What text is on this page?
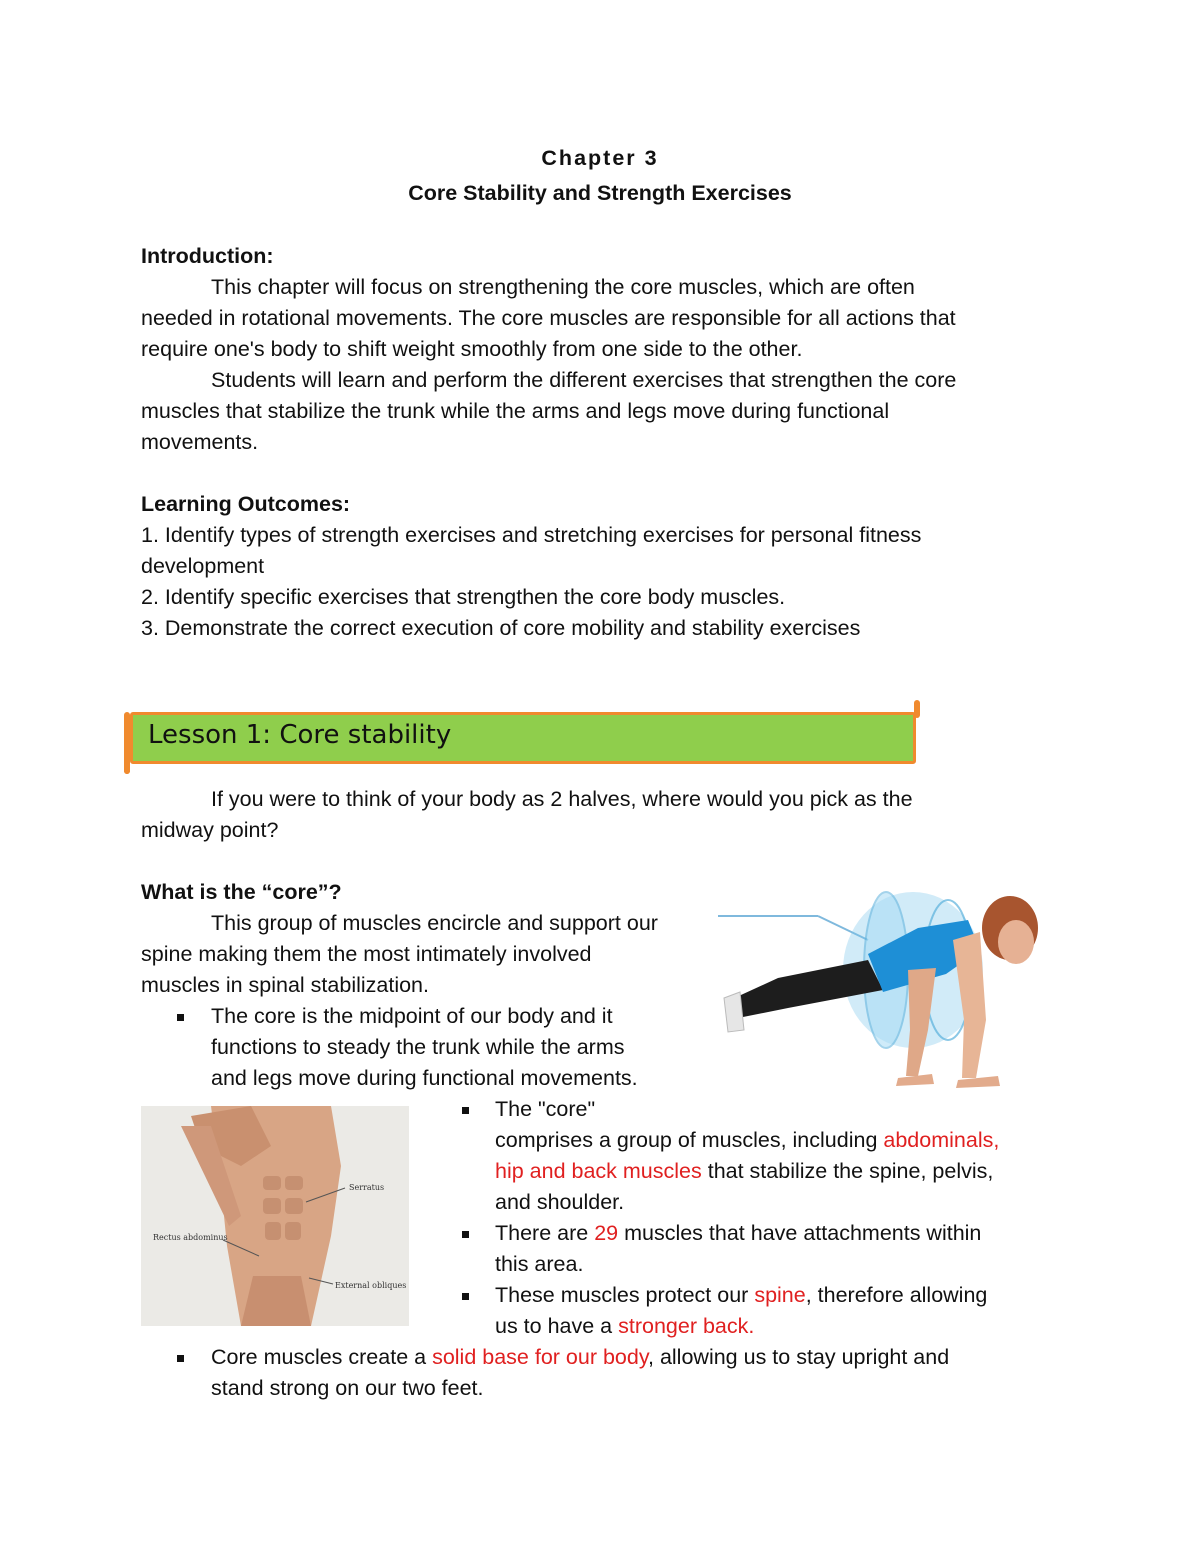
Chapter 3
Core Stability and Strength Exercises
Introduction:
This chapter will focus on strengthening the core muscles, which are often
needed in rotational movements. The core muscles are responsible for all actions that
require one's body to shift weight smoothly from one side to the other.
Students will learn and perform the different exercises that strengthen the core
muscles that stabilize the trunk while the arms and legs move during functional
movements.
Learning Outcomes:
1. Identify types of strength exercises and stretching exercises for personal fitness
development
2. Identify specific exercises that strengthen the core body muscles.
3. Demonstrate the correct execution of core mobility and stability exercises
Lesson 1: Core stability
If you were to think of your body as 2 halves, where would you pick as the
midway point?
What is the “core”?
This group of muscles encircle and support our
spine making them the most intimately involved
muscles in spinal stabilization.
The core is the midpoint of our body and it
functions to steady the trunk while the arms
and legs move during functional movements.
Serratus
Rectus abdominus
External obliques
The "core"
comprises a group of muscles, including abdominals,
hip and back muscles that stabilize the spine, pelvis,
and shoulder.
There are 29 muscles that have attachments within
this area.
These muscles protect our spine, therefore allowing
us to have a stronger back.
Core muscles create a solid base for our body, allowing us to stay upright and
stand strong on our two feet.
